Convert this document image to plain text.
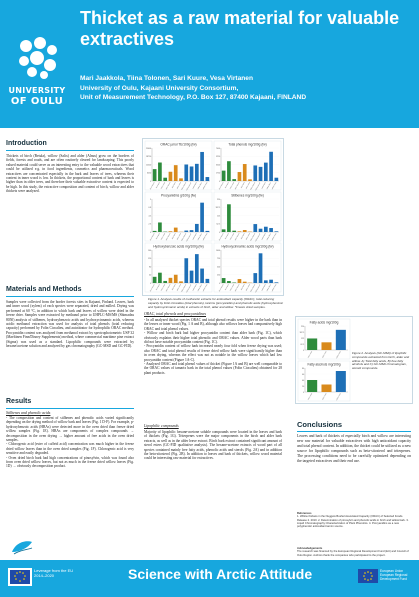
UNIVERSITY
OF OULU
Thicket as a raw material for valuable extractives
Mari Jaakkola, Tiina Tolonen, Sari Kuure, Vesa Virtanen
University of Oulu, Kajaani University Consortium,
Unit of Measurement Technology, P.O. Box 127, 87400 Kajaani, FINLAND
Introduction
Thickets of birch (Betula), willow (Salix) and alder (Alnus) grow on the borders of fields, forests and roads, and are often routinely cleared for landscaping. This poorly valued material could serve as an interesting entry to the valuable wood extractives that could be utilized e.g. in food ingredients, cosmetics and pharmaceuticals. Wood extractives are concentrated especially in the bark and leaves of trees, whereas their content in inner wood is low. In thickets, the proportional content of bark and leaves is higher than in older trees, and therefore their valuable extractive content is expected to be high. In this study, the extractive composition and content of birch, willow and alder thickets were analyzed.
Materials and Methods
Samples were collected from the border forests sites in Kajaani, Finland. Leaves, bark and inner wood (xylem) of each species were separated, dried and milled. Drying was performed at 60 °C, in addition to which bark and leaves of willow were dried in the freeze drier. Samples were extracted by methanol prior to UHPLC-MS/MS (Shimadzu 8050) analysis of stilbenes, hydroxybenzoic acids and hydroxycinnamic acids, whereas acidic methanol extraction was used for analysis of total phenols (total reducing capacity) performed by Folin Ciocalteu, and autotitrator for hydrophilic ORAC method. Procyanidin content was analyzed from methanol extract by spectrophotometric USP 32 (Maeltinen Finn/Disney Supplements) method, where commercial maritime pine extract (Sigma) was used as a standard. Lipophilic compounds were extracted by hexane/acetone solution and analyzed by gas chromatography (GC-MSD and GC-FID).
Results
Stilbenes and phenolic acids
- The composition and content of stilbenes and phenolic acids varied significantly depending on the drying method of willow bark and leaves (Fig. 1 D-F). For example, p-hydroxybenzoic acids (HBAs) were detected more in the oven dried than freeze dried willow samples (Fig. 1E). HBAs are components of complex compounds → decomposition in the oven drying → higher amount of free acids in the oven dried samples.
- Chlorogenic acid (ester of caffeid acid) concentration was much higher in the freeze dried willow leaves than in the oven dried samples (Fig. 1F). Chlorogenic acid is very sensitive and easily degraded.
- Oven dried birch bark had high concentrations of pinosylvin, which was found also from oven dried willow leaves, but not as much in the freeze dried willow leaves (Fig. 1D) → obviously decomposition product.
ORAC µmol TE/100g (fw)
0
6250
12500
18750
25000
birch leaves birch bark birch wood alder leaves alder bark alder wood willow leaves willow leaves* willow bark willow bark* willow wood
Total phenols mg/100g (fw)
0
1750
3500
5250
7000
birch leaves birch bark birch wood alder leaves alder bark alder wood willow leaves willow leaves* willow bark willow bark* willow wood
Procyanidins g/100g (fw)
0
2.3
4.5
6.8
9
birch leaves birch bark birch wood alder leaves alder bark alder wood willow leaves willow leaves* willow bark willow bark* willow wood
Stilbenes mg/100g (fw)
0
62.5
125
187.5
250
birch leaves birch bark birch wood alder leaves alder bark alder wood willow leaves willow leaves* willow bark willow bark* willow wood
Hydroxybenzoic acids mg/100g (fw)
0
40
80
120
160
birch leaves birch bark birch wood alder leaves alder bark alder wood willow leaves willow leaves* willow bark willow bark* willow wood
Hydroxycinnamic acids mg/100g (fw)
0
250
500
750
1000
birch leaves birch bark birch wood alder leaves alder bark alder wood willow leaves willow leaves* willow bark willow bark* willow wood
Figure 1. Analysis results of methanolic extracts for antioxidant capacity (ORAC), total reducing capacity by Folin-Ciocalteu (total phenols), tannins (procyanidins) and phenolic acids (hydroxybenzoic and hydroxycinnamic acids) in extracts of birch, alder and willow. *Freeze dried samples.
ORAC, total phenols and procyanidines
- In all analyzed thicket species ORAC and total phenol results were higher in the bark than in the leaves or inner wood (Fig. 1 A and B), although also willows leaves had comparatively high ORAC and total phenol values.
- Willow and birch bark had higher procyanidin content than alder bark (Fig. 1C), which obviously explains their higher total phenolic and ORAC values. Alder wood parts than bark did not have notable procyanidin content (Fig. 1C).
- Procyanidin content of willow bark increased nearly four fold when freeze drying was used; also ORAC and total phenol results of freeze dried willow bark were significantly higher than in oven drying, whereas the effect was not as notable in the willow leaves which had low procyanidin content (Figure 1A-C).
- Analyzed ORAC and total phenol values of thicket (Figure 1A and B) are well comparable to the ORAC values of tamarix bark in the total phenol values (Folin Ciocalteu) obtained for 28 plant products.
Lipophilic compounds
Majority of lipophilic hexane-acetone soluble compounds were located in the leaves and bark of thickets (Fig. 1G). Triterpenes were the major components in the birch and alder bark extracts, as well as in the alder leave extract. Birch bark extract contained significant amount of sterol esters (GC-FID qualitative analysis). The hexane-acetone extracts of wood part of all species contained mainly free fatty acids, phenolic acids and sterols (Fig. 2A) and in addition the beta-sitosterol (Fig. 2B). In addition to leaves and bark of thickets, willow wood material could be interesting raw material for extractives.
Fatty acids mg/100g
0
62.5
125
187.5
250
birch wood	alder wood	willow wood
Fatty alcohols mg/100g
0
20
40
60
80
birch wood	alder wood	willow wood
Figure 2. Analysis (GC-MSD) of lipophilic compounds extracted from birch, alder and willow. A) Total fatty acids, B) free fatty alcohols and C) GC-MSD chromatogram, steroid compounds.
Conclusions
Leaves and bark of thickets of especially birch and willow are interesting new raw material for valuable extractives with high antioxidant capacity and total phenol content. In addition, the thicket could be utilized as a new source for lipophilic compounds such as beta-sitosterol and triterpenes. The processing conditions need to be carefully optimized depending on the targeted extractives and their end use.
References
1. Willow thickets in the Nuggets Bushel Associated Capacity (ORAC) of Selected Foods. Release 2. 2010. 2. Determination of pinosylvin and phenolic acids in birch and willow bark. 3. Liquid Chromatography Characterization of Plant Phenolics. 4. Procyanidins as a new polyphenolic antioxidant tannin source.
Acknowledgements
The research was financed by the European Regional Development Fund (EU) and Council of Oulu Region. Authors thank the companies who participated to the project.
Leverage from the EU
2014–2020	Science with Arctic Attitude	European Union European Regional Development Fund
